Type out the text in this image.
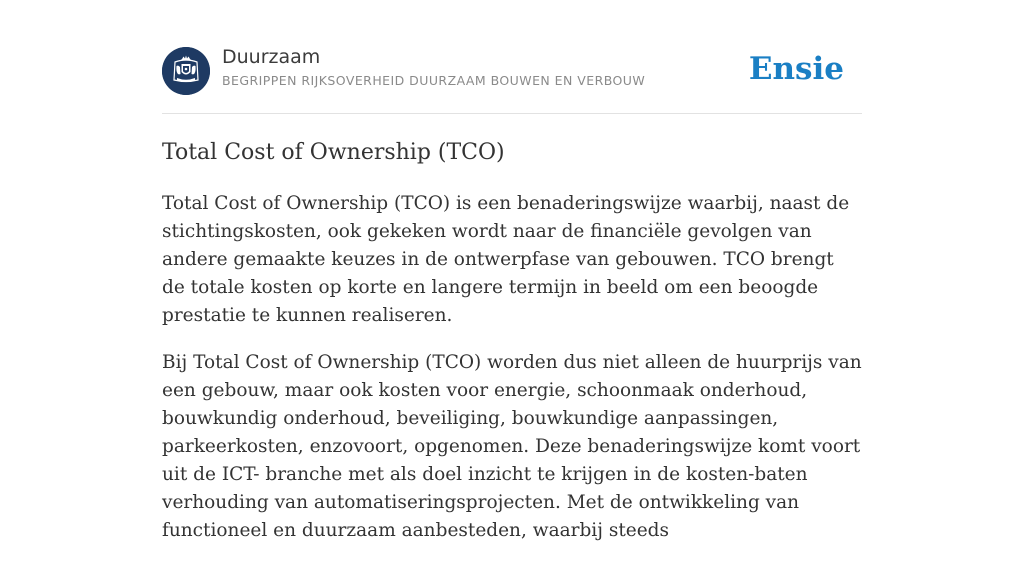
Duurzaam
BEGRIPPEN RIJKSOVERHEID DUURZAAM BOUWEN EN VERBOUW	Ensie
Total Cost of Ownership (TCO)

Total Cost of Ownership (TCO) is een benaderingswijze waarbij, naast de stichtingskosten, ook gekeken wordt naar de financiële gevolgen van andere gemaakte keuzes in de ontwerpfase van gebouwen. TCO brengt de totale kosten op korte en langere termijn in beeld om een beoogde prestatie te kunnen realiseren.

Bij Total Cost of Ownership (TCO) worden dus niet alleen de huurprijs van een gebouw, maar ook kosten voor energie, schoonmaak onderhoud, bouwkundig onderhoud, beveiliging, bouwkundige aanpassingen, parkeerkosten, enzovoort, opgenomen. Deze benaderingswijze komt voort uit de ICT- branche met als doel inzicht te krijgen in de kosten-baten verhouding van automatiseringsprojecten. Met de ontwikkeling van functioneel en duurzaam aanbesteden, waarbij steeds
